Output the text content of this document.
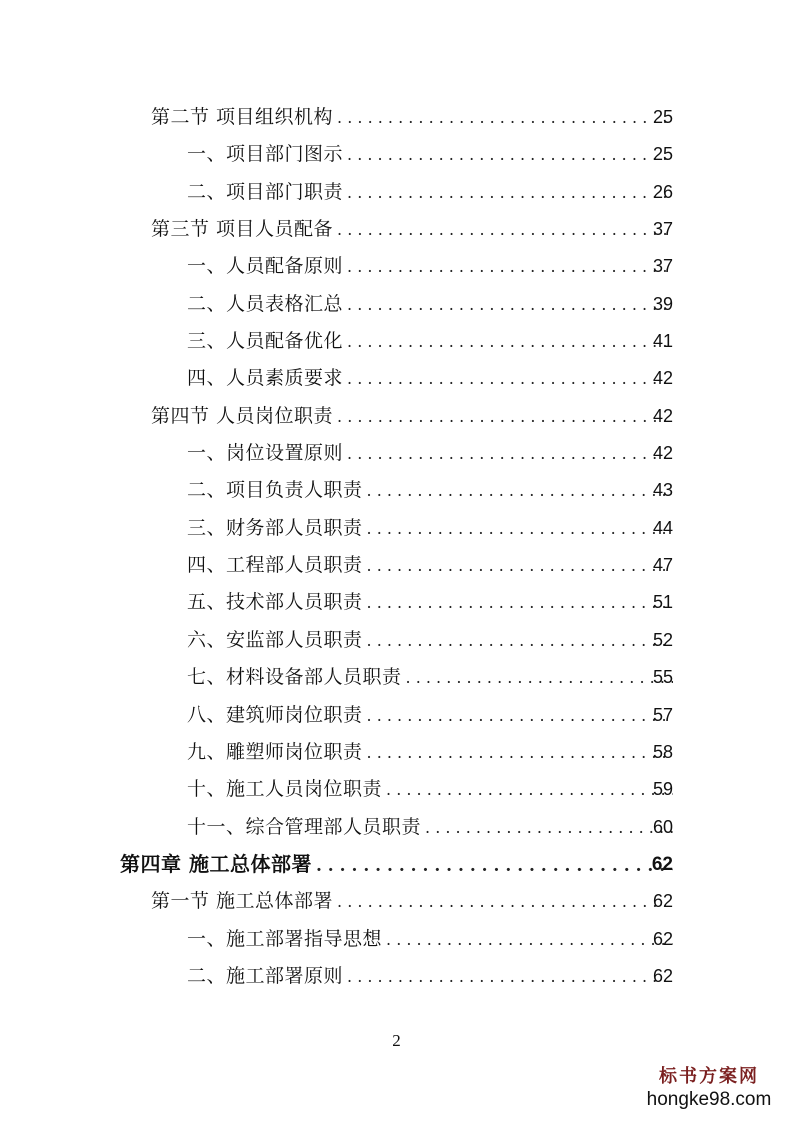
第二节 项目组织机构 . . .	25
一、项目部门图示 . . .	25
二、项目部门职责 . . .	26
第三节 项目人员配备 . . .	37
一、人员配备原则 . . .	37
二、人员表格汇总 . . .	39
三、人员配备优化 . . .	41
四、人员素质要求 . . .	42
第四节 人员岗位职责 . . .	42
一、岗位设置原则 . . .	42
二、项目负责人职责 . . .	43
三、财务部人员职责 . . .	44
四、工程部人员职责 . . .	47
五、技术部人员职责 . . .	51
六、安监部人员职责 . . .	52
七、材料设备部人员职责 . . .	55
八、建筑师岗位职责 . . .	57
九、雕塑师岗位职责 . . .	58
十、施工人员岗位职责 . . .	59
十一、综合管理部人员职责 . . .	60
第四章 施工总体部署 . . .	62
第一节 施工总体部署 . . .	62
一、施工部署指导思想 . . .	62
二、施工部署原则 . . .	62
2
标书方案网
hongke98.com
